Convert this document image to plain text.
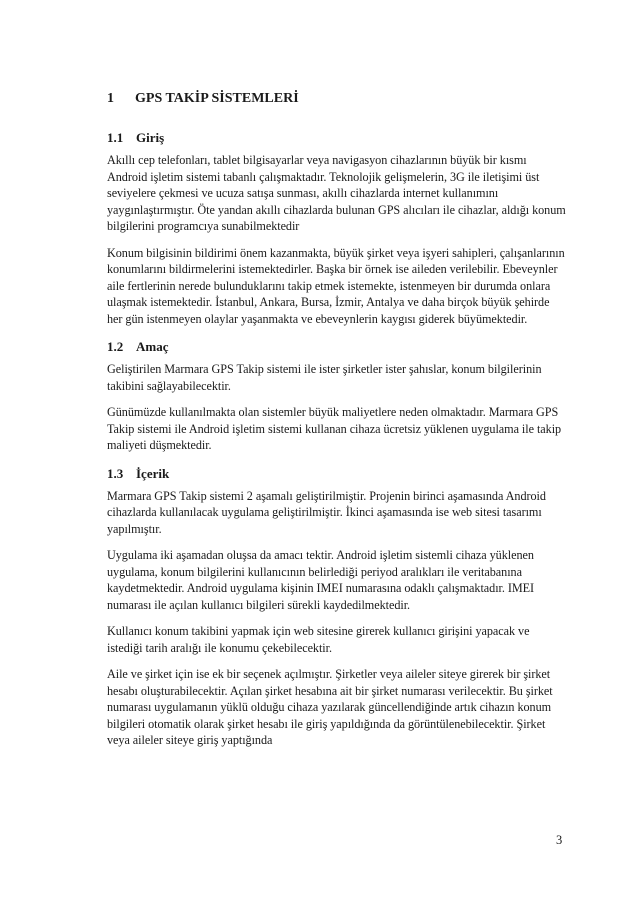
1	GPS TAKİP SİSTEMLERİ
1.1 Giriş

Akıllı cep telefonları, tablet bilgisayarlar veya navigasyon cihazlarının büyük bir kısmı Android işletim sistemi tabanlı çalışmaktadır. Teknolojik gelişmelerin, 3G ile iletişimi üst seviyelere çekmesi ve ucuza satışa sunması, akıllı cihazlarda internet kullanımını yaygınlaştırmıştır. Öte yandan akıllı cihazlarda bulunan GPS alıcıları ile cihazlar, aldığı konum bilgilerini programcıya sunabilmektedir

Konum bilgisinin bildirimi önem kazanmakta, büyük şirket veya işyeri sahipleri, çalışanlarının konumlarını bildirmelerini istemektedirler. Başka bir örnek ise aileden verilebilir. Ebeveynler aile fertlerinin nerede bulunduklarını takip etmek istemekte, istenmeyen bir durumda onlara ulaşmak istemektedir. İstanbul, Ankara, Bursa, İzmir, Antalya ve daha birçok büyük şehirde her gün istenmeyen olaylar yaşanmakta ve ebeveynlerin kaygısı giderek büyümektedir.

1.2 Amaç

Geliştirilen Marmara GPS Takip sistemi ile ister şirketler ister şahıslar, konum bilgilerinin takibini sağlayabilecektir.

Günümüzde kullanılmakta olan sistemler büyük maliyetlere neden olmaktadır. Marmara GPS Takip sistemi ile Android işletim sistemi kullanan cihaza ücretsiz yüklenen uygulama ile takip maliyeti düşmektedir.

1.3 İçerik

Marmara GPS Takip sistemi 2 aşamalı geliştirilmiştir. Projenin birinci aşamasında Android cihazlarda kullanılacak uygulama geliştirilmiştir. İkinci aşamasında ise web sitesi tasarımı yapılmıştır.

Uygulama iki aşamadan oluşsa da amacı tektir. Android işletim sistemli cihaza yüklenen uygulama, konum bilgilerini kullanıcının belirlediği periyod aralıkları ile veritabanına kaydetmektedir. Android uygulama kişinin IMEI numarasına odaklı çalışmaktadır. IMEI numarası ile açılan kullanıcı bilgileri sürekli kaydedilmektedir.

Kullanıcı konum takibini yapmak için web sitesine girerek kullanıcı girişini yapacak ve istediği tarih aralığı ile konumu çekebilecektir.

Aile ve şirket için ise ek bir seçenek açılmıştır. Şirketler veya aileler siteye girerek bir şirket hesabı oluşturabilecektir. Açılan şirket hesabına ait bir şirket numarası verilecektir. Bu şirket numarası uygulamanın yüklü olduğu cihaza yazılarak güncellendiğinde artık cihazın konum bilgileri otomatik olarak şirket hesabı ile giriş yapıldığında da görüntülenebilecektir. Şirket veya aileler siteye giriş yaptığında

3
